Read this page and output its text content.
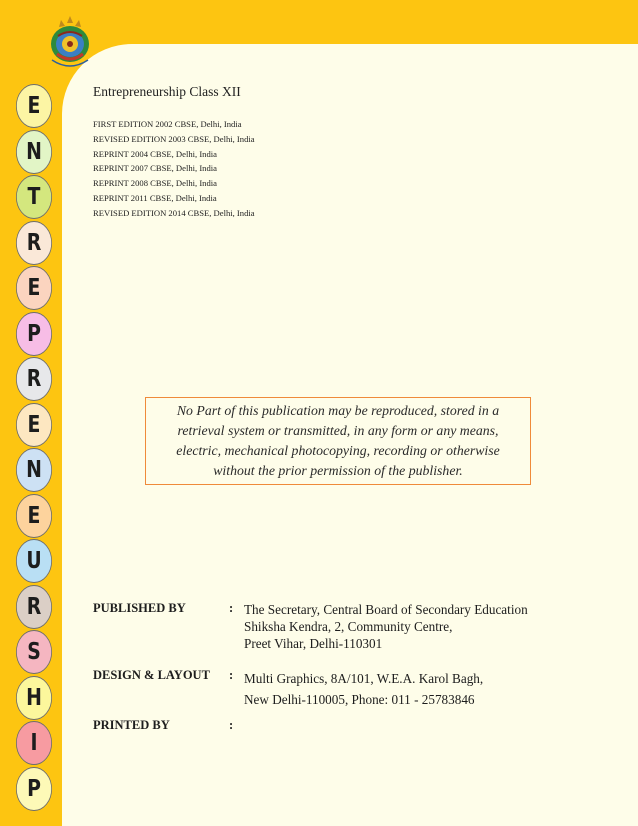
E
N
T
R
E
P
R
E
N
E
U
R
S
H
I
P
Entrepreneurship Class XII
FIRST EDITION 2002 CBSE, Delhi, India
REVISED EDITION 2003 CBSE, Delhi, India
REPRINT 2004 CBSE, Delhi, India
REPRINT 2007 CBSE, Delhi, India
REPRINT 2008 CBSE, Delhi, India
REPRINT 2011 CBSE, Delhi, India
REVISED EDITION 2014 CBSE, Delhi, India

No Part of this publication may be reproduced, stored in a retrieval system or transmitted, in any form or any means, electric, mechanical photocopying, recording or otherwise without the prior permission of the publisher.

PUBLISHED BY	: The Secretary, Central Board of Secondary Education
Shiksha Kendra, 2, Community Centre,
Preet Vihar, Delhi-110301
DESIGN & LAYOUT	: Multi Graphics, 8A/101, W.E.A. Karol Bagh,
New Delhi-110005, Phone: 011 - 25783846
PRINTED BY	:
